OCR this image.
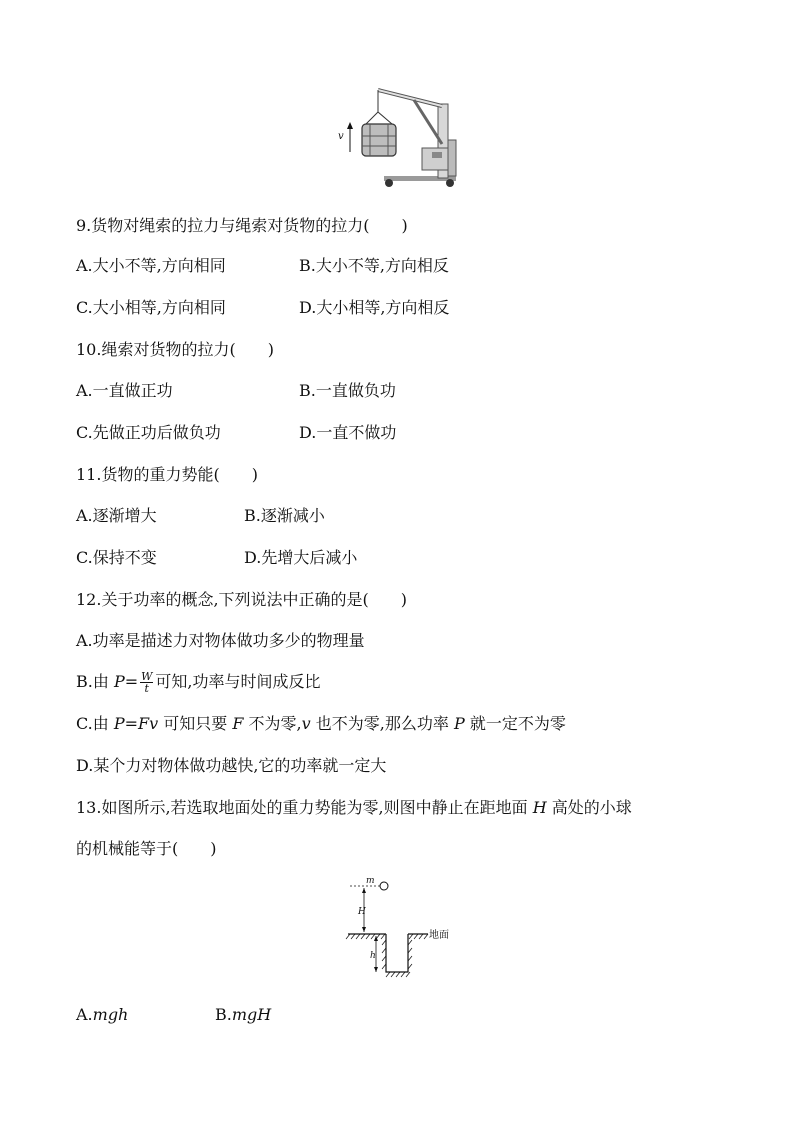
v
9.货物对绳索的拉力与绳索对货物的拉力(　　)
A.大小不等,方向相同	B.大小不等,方向相反
C.大小相等,方向相同	D.大小相等,方向相反
10.绳索对货物的拉力(　　)
A.一直做正功	B.一直做负功
C.先做正功后做负功	D.一直不做功
11.货物的重力势能(　　)
A.逐渐增大	B.逐渐减小
C.保持不变	D.先增大后减小
12.关于功率的概念,下列说法中正确的是(　　)
A.功率是描述力对物体做功多少的物理量
B.由 $P= \frac{W}{t}$ 可知,功率与时间成反比
C.由 P=Fv 可知只要 F 不为零,v 也不为零,那么功率 P 就一定不为零
D.某个力对物体做功越快,它的功率就一定大
13.如图所示,若选取地面处的重力势能为零,则图中静止在距地面 H 高处的小球
的机械能等于(　　)
m
H
地面
h
A.mgh	B.mgH
